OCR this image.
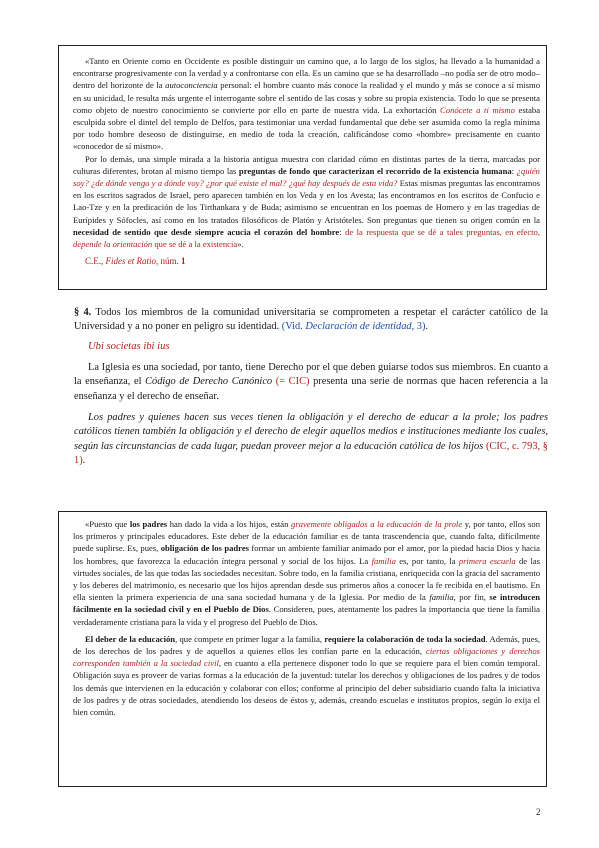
«Tanto en Oriente como en Occidente es posible distinguir un camino que, a lo largo de los siglos, ha llevado a la humanidad a encontrarse progresivamente con la verdad y a confrontarse con ella. Es un camino que se ha desarrollado –no podía ser de otro modo– dentro del horizonte de la autoconciencia personal: el hombre cuanto más conoce la realidad y el mundo y más se conoce a sí mismo en su unicidad, le resulta más urgente el interrogante sobre el sentido de las cosas y sobre su propia existencia. Todo lo que se presenta como objeto de nuestro conocimiento se convierte por ello en parte de nuestra vida. La exhortación Conócete a ti mismo estaba esculpida sobre el dintel del templo de Delfos, para testimoniar una verdad fundamental que debe ser asumida como la regla mínima por todo hombre deseoso de distinguirse, en medio de toda la creación, calificándose como «hombre» precisamente en cuanto «conocedor de sí mismo».

Por lo demás, una simple mirada a la historia antigua muestra con claridad cómo en distintas partes de la tierra, marcadas por culturas diferentes, brotan al mismo tiempo las preguntas de fondo que caracterizan el recorrido de la existencia humana: ¿quién soy? ¿de dónde vengo y a dónde voy? ¿por qué existe el mal? ¿qué hay después de esta vida? Estas mismas preguntas las encontramos en los escritos sagrados de Israel, pero aparecen también en los Veda y en los Avesta; las encontramos en los escritos de Confucio e Lao-Tze y en la predicación de los Tirthankara y de Buda; asimismo se encuentran en los poemas de Homero y en las tragedias de Eurípides y Sófocles, así como en los tratados filosóficos de Platón y Aristóteles. Son preguntas que tienen su origen común en la necesidad de sentido que desde siempre acucia el corazón del hombre: de la respuesta que se dé a tales preguntas, en efecto, depende la orientación que se dé a la existencia».

C.E., Fides et Ratio, núm. 1
§ 4. Todos los miembros de la comunidad universitaria se comprometen a respetar el carácter católico de la Universidad y a no poner en peligro su identidad. (Vid. Declaración de identidad, 3).
Ubi societas ibi ius
La Iglesia es una sociedad, por tanto, tiene Derecho por el que deben guiarse todos sus miembros. En cuanto a la enseñanza, el Código de Derecho Canónico (= CIC) presenta una serie de normas que hacen referencia a la enseñanza y el derecho de enseñar.
Los padres y quienes hacen sus veces tienen la obligación y el derecho de educar a la prole; los padres católicos tienen también la obligación y el derecho de elegir aquellos medios e instituciones mediante los cuales, según las circunstancias de cada lugar, puedan proveer mejor a la educación católica de los hijos (CIC, c. 793, § 1).

«Puesto que los padres han dado la vida a los hijos, están gravemente obligados a la educación de la prole y, por tanto, ellos son los primeros y principales educadores. Este deber de la educación familiar es de tanta trascendencia que, cuando falta, difícilmente puede suplirse. Es, pues, obligación de los padres formar un ambiente familiar animado por el amor, por la piedad hacia Dios y hacia los hombres, que favorezca la educación íntegra personal y social de los hijos. La familia es, por tanto, la primera escuela de las virtudes sociales, de las que todas las sociedades necesitan. Sobre todo, en la familia cristiana, enriquecida con la gracia del sacramento y los deberes del matrimonio, es necesario que los hijos aprendan desde sus primeros años a conocer la fe recibida en el bautismo. En ella sienten la primera experiencia de una sana sociedad humana y de la Iglesia. Por medio de la familia, por fin, se introducen fácilmente en la sociedad civil y en el Pueblo de Dios. Consideren, pues, atentamente los padres la importancia que tiene la familia verdaderamente cristiana para la vida y el progreso del Pueblo de Dios.

El deber de la educación, que compete en primer lugar a la familia, requiere la colaboración de toda la sociedad. Además, pues, de los derechos de los padres y de aquellos a quienes ellos les confían parte en la educación, ciertas obligaciones y derechos corresponden también a la sociedad civil, en cuanto a ella pertenece disponer todo lo que se requiere para el bien común temporal. Obligación suya es proveer de varias formas a la educación de la juventud: tutelar los derechos y obligaciones de los padres y de todos los demás que intervienen en la educación y colaborar con ellos; conforme al principio del deber subsidiario cuando falta la iniciativa de los padres y de otras sociedades, atendiendo los deseos de éstos y, además, creando escuelas e institutos propios, según lo exija el bien común.

2
